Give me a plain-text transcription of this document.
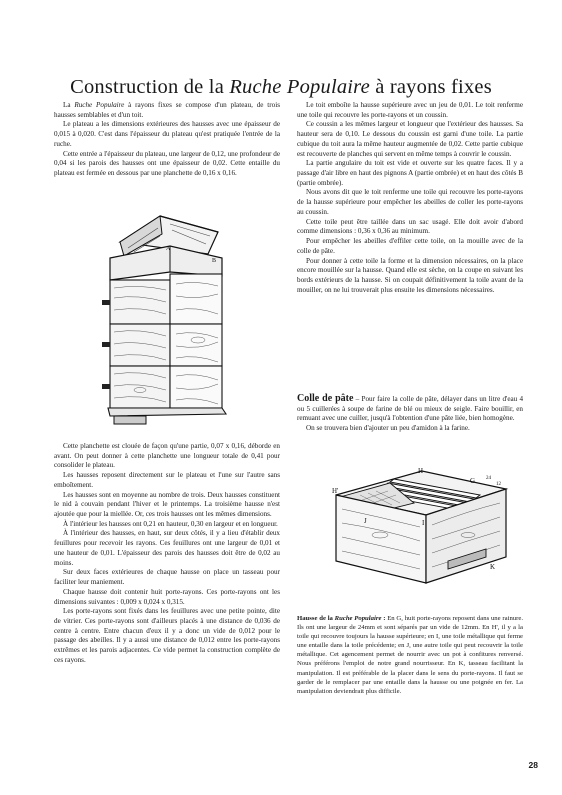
Construction de la Ruche Populaire à rayons fixes

La Ruche Populaire à rayons fixes se compose d'un plateau, de trois hausses semblables et d'un toit.

Le plateau a les dimensions extérieures des hausses avec une épaisseur de 0,015 à 0,020. C'est dans l'épaisseur du plateau qu'est pratiquée l'entrée de la ruche.

Cette entrée a l'épaisseur du plateau, une largeur de 0,12, une profondeur de 0,04 si les parois des hausses ont une épaisseur de 0,02. Cette entaille du plateau est fermée en dessous par une planchette de 0,16 x 0,16.

A
B

Cette planchette est clouée de façon qu'une partie, 0,07 x 0,16, déborde en avant. On peut donner à cette planchette une longueur totale de 0,41 pour consolider le plateau.

Les hausses reposent directement sur le plateau et l'une sur l'autre sans emboîtement.

Les hausses sont en moyenne au nombre de trois. Deux hausses constituent le nid à couvain pendant l'hiver et le printemps. La troisième hausse n'est ajoutée que pour la miellée. Or, ces trois hausses ont les mêmes dimensions.

À l'intérieur les hausses ont 0,21 en hauteur, 0,30 en largeur et en longueur.

À l'intérieur des hausses, en haut, sur deux côtés, il y a lieu d'établir deux feuillures pour recevoir les rayons. Ces feuillures ont une largeur de 0,01 et une hauteur de 0,01. L'épaisseur des parois des hausses doit être de 0,02 au moins.

Sur deux faces extérieures de chaque hausse on place un tasseau pour faciliter leur maniement.

Chaque hausse doit contenir huit porte-rayons. Ces porte-rayons ont les dimensions suivantes : 0,009 x 0,024 x 0,315.

Les porte-rayons sont fixés dans les feuillures avec une petite pointe, dite de vitrier. Ces porte-rayons sont d'ailleurs placés à une distance de 0,036 de centre à centre. Entre chacun d'eux il y a donc un vide de 0,012 pour le passage des abeilles. Il y a aussi une distance de 0,012 entre les porte-rayons extrêmes et les parois adjacentes. Ce vide permet la construction complète de ces rayons.

Le toit emboîte la hausse supérieure avec un jeu de 0,01. Le toit renferme une toile qui recouvre les porte-rayons et un coussin.

Ce coussin a les mêmes largeur et longueur que l'extérieur des hausses. Sa hauteur sera de 0,10. Le dessous du coussin est garni d'une toile. La partie cubique du toit aura la même hauteur augmentée de 0,02. Cette partie cubique est recouverte de planches qui servent en même temps à couvrir le coussin.

La partie angulaire du toit est vide et ouverte sur les quatre faces. Il y a passage d'air libre en haut des pignons A (partie ombrée) et en haut des côtés B (partie ombrée).

Nous avons dit que le toit renferme une toile qui recouvre les porte-rayons de la hausse supérieure pour empêcher les abeilles de coller les porte-rayons au coussin.

Cette toile peut être taillée dans un sac usagé. Elle doit avoir d'abord comme dimensions : 0,36 x 0,36 au minimum.

Pour empêcher les abeilles d'effiler cette toile, on la mouille avec de la colle de pâte.

Pour donner à cette toile la forme et la dimension nécessaires, on la place encore mouillée sur la hausse. Quand elle est sèche, on la coupe en suivant les bords extérieurs de la hausse. Si on coupait définitivement la toile avant de la mouiller, on ne lui trouverait plus ensuite les dimensions nécessaires.

Colle de pâte – Pour faire la colle de pâte, délayer dans un litre d'eau 4 ou 5 cuillerées à soupe de farine de blé ou mieux de seigle. Faire bouillir, en remuant avec une cuiller, jusqu'à l'obtention d'une pâte liée, bien homogène.

On se trouvera bien d'ajouter un peu d'amidon à la farine.

H
G 24
12
H'
J	I
K
Hausse de la Ruche Populaire : En G, huit porte-rayons reposent dans une rainure. Ils ont une largeur de 24mm et sont séparés par un vide de 12mm. En H', il y a la toile qui recouvre toujours la hausse supérieure; en I, une toile métallique qui ferme une entaille dans la toile précédente; en J, une autre toile qui peut recouvrir la toile métallique. Cet agencement permet de nourrir avec un pot à confitures renversé. Nous préférons l'emploi de notre grand nourrisseur. En K, tasseau facilitant la manipulation. Il est préférable de la placer dans le sens du porte-rayons. Il faut se garder de le remplacer par une entaille dans la hausse ou une poignée en fer. La manipulation deviendrait plus difficile.
28
